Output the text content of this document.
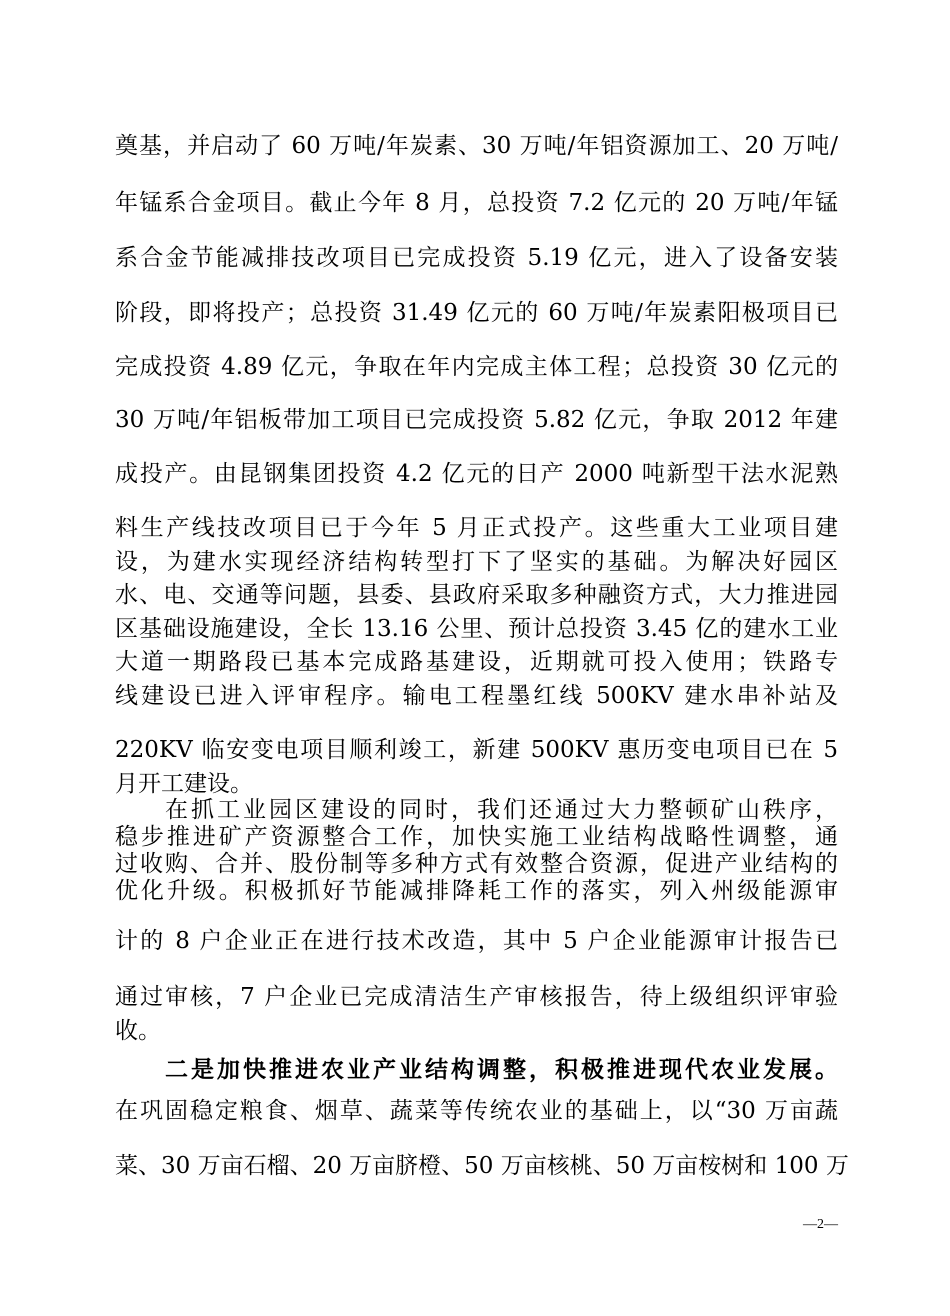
奠基，并启动了 60 万吨/年炭素、30 万吨/年铝资源加工、20 万吨/
年锰系合金项目。截止今年 8 月，总投资 7.2 亿元的 20 万吨/年锰
系合金节能减排技改项目已完成投资 5.19 亿元，进入了设备安装
阶段，即将投产；总投资 31.49 亿元的 60 万吨/年炭素阳极项目已
完成投资 4.89 亿元，争取在年内完成主体工程；总投资 30 亿元的
30 万吨/年铝板带加工项目已完成投资 5.82 亿元，争取 2012 年建
成投产。由昆钢集团投资 4.2 亿元的日产 2000 吨新型干法水泥熟
料生产线技改项目已于今年 5 月正式投产。这些重大工业项目建
设，为建水实现经济结构转型打下了坚实的基础。为解决好园区
水、电、交通等问题，县委、县政府采取多种融资方式，大力推进园
区基础设施建设，全长 13.16 公里、预计总投资 3.45 亿的建水工业
大道一期路段已基本完成路基建设，近期就可投入使用；铁路专
线建设已进入评审程序。输电工程墨红线 500KV 建水串补站及
220KV 临安变电项目顺利竣工，新建 500KV 惠历变电项目已在 5
月开工建设。
在抓工业园区建设的同时，我们还通过大力整顿矿山秩序，
稳步推进矿产资源整合工作，加快实施工业结构战略性调整，通
过收购、合并、股份制等多种方式有效整合资源，促进产业结构的
优化升级。积极抓好节能减排降耗工作的落实，列入州级能源审
计的 8 户企业正在进行技术改造，其中 5 户企业能源审计报告已
通过审核，7 户企业已完成清洁生产审核报告，待上级组织评审验
收。
二是加快推进农业产业结构调整，积极推进现代农业发展。
在巩固稳定粮食、烟草、蔬菜等传统农业的基础上，以“30 万亩蔬
菜、30 万亩石榴、20 万亩脐橙、50 万亩核桃、50 万亩桉树和 100 万
—2—
